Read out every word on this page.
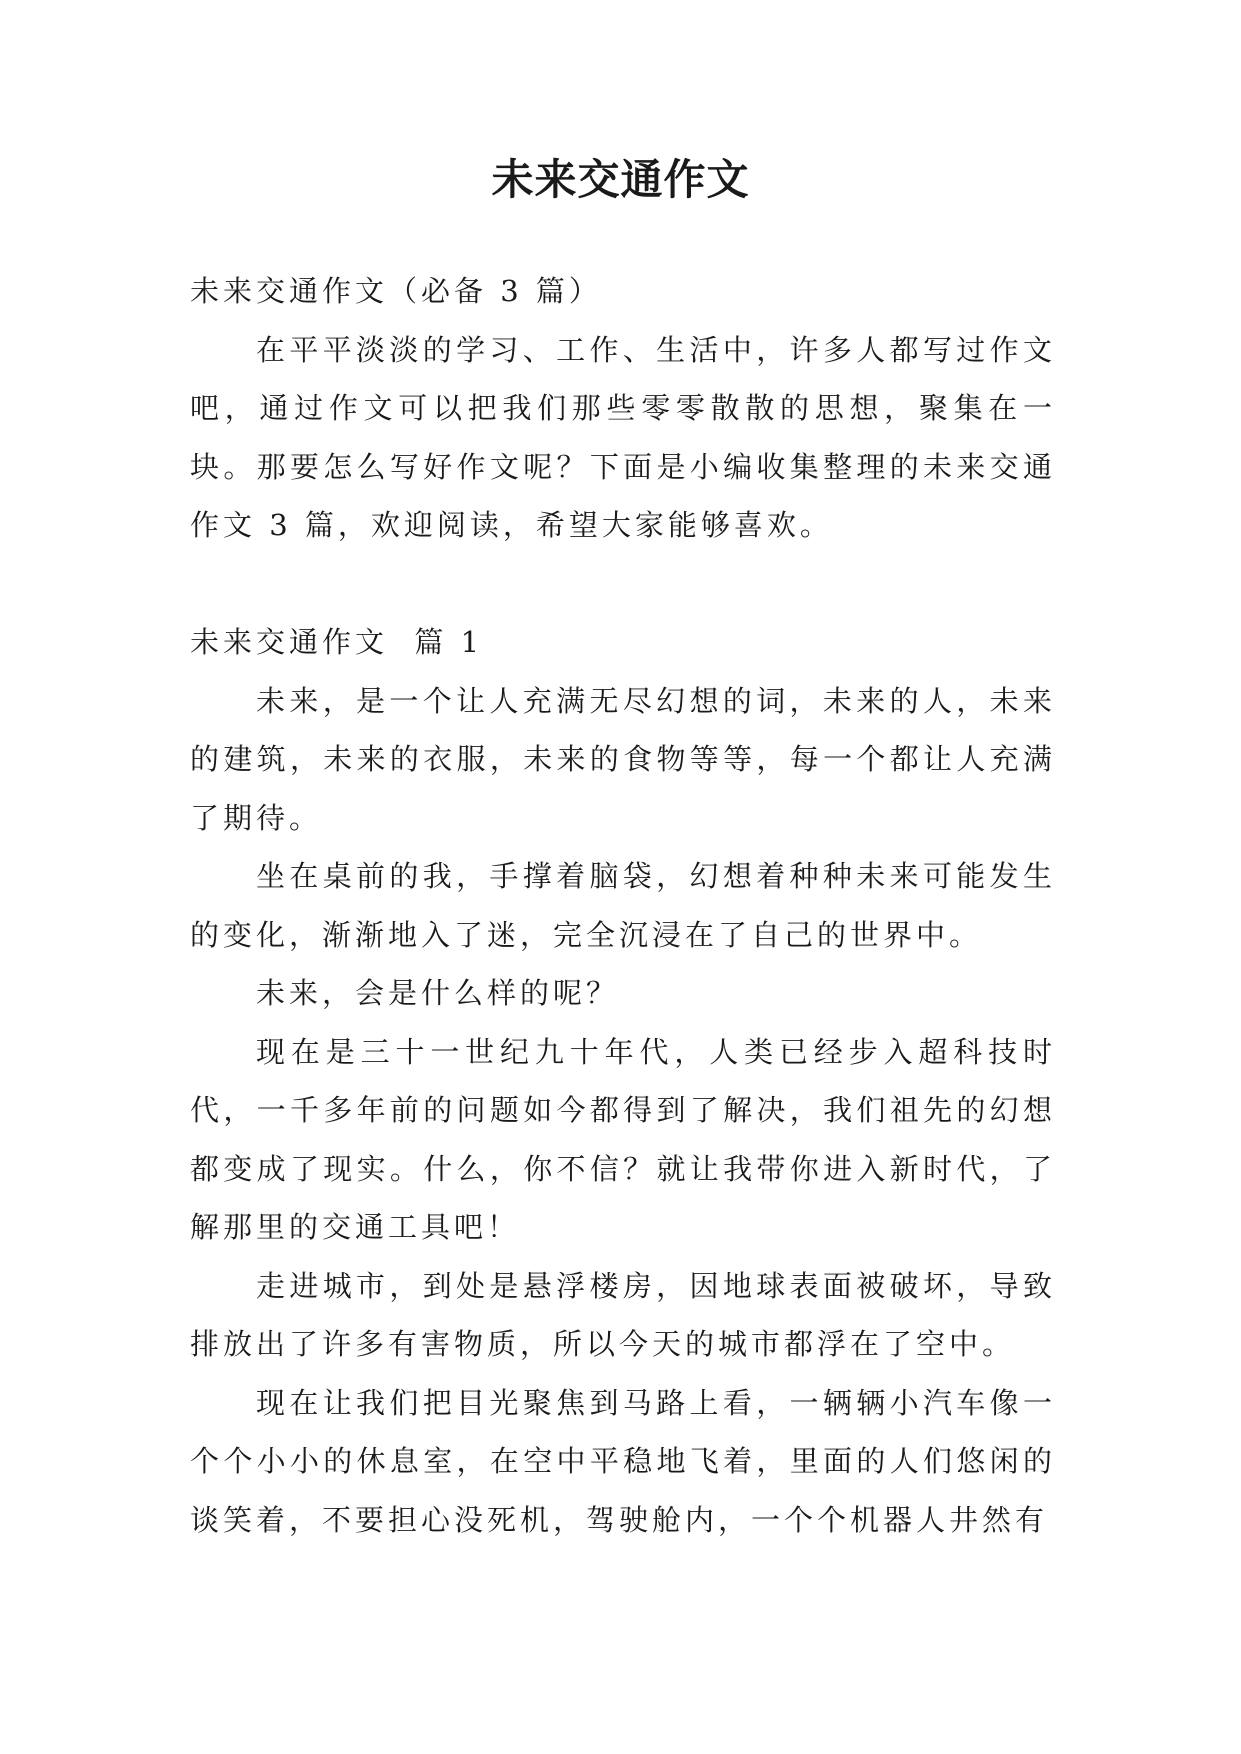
未来交通作文

未来交通作文（必备 3 篇）

在平平淡淡的学习、工作、生活中，许多人都写过作文吧，通过作文可以把我们那些零零散散的思想，聚集在一块。那要怎么写好作文呢？下面是小编收集整理的未来交通作文 3 篇，欢迎阅读，希望大家能够喜欢。

未来交通作文  篇 1

未来，是一个让人充满无尽幻想的词，未来的人，未来的建筑，未来的衣服，未来的食物等等，每一个都让人充满了期待。

坐在桌前的我，手撑着脑袋，幻想着种种未来可能发生的变化，渐渐地入了迷，完全沉浸在了自己的世界中。

未来，会是什么样的呢？

现在是三十一世纪九十年代，人类已经步入超科技时代，一千多年前的问题如今都得到了解决，我们祖先的幻想都变成了现实。什么，你不信？就让我带你进入新时代，了解那里的交通工具吧！

走进城市，到处是悬浮楼房，因地球表面被破坏，导致排放出了许多有害物质，所以今天的城市都浮在了空中。

现在让我们把目光聚焦到马路上看，一辆辆小汽车像一个个小小的休息室，在空中平稳地飞着，里面的人们悠闲的谈笑着，不要担心没死机，驾驶舱内，一个个机器人井然有
